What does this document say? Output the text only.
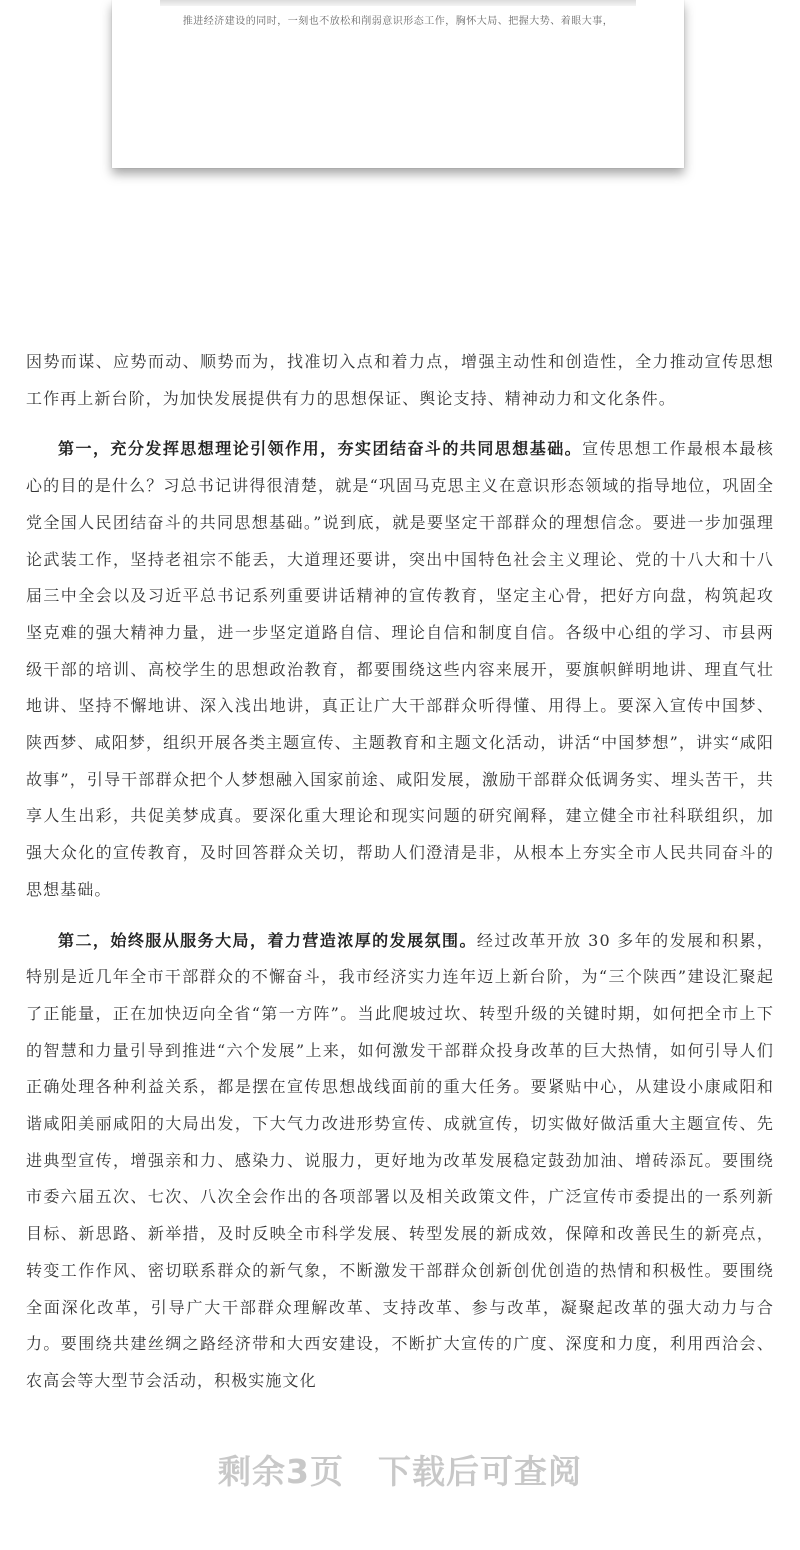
推进经济建设的同时，一刻也不放松和削弱意识形态工作，胸怀大局、把握大势、着眼大事，

因势而谋、应势而动、顺势而为，找准切入点和着力点，增强主动性和创造性，全力推动宣传思想工作再上新台阶，为加快发展提供有力的思想保证、舆论支持、精神动力和文化条件。

第一，充分发挥思想理论引领作用，夯实团结奋斗的共同思想基础。宣传思想工作最根本最核心的目的是什么？习总书记讲得很清楚，就是“巩固马克思主义在意识形态领域的指导地位，巩固全党全国人民团结奋斗的共同思想基础。”说到底，就是要坚定干部群众的理想信念。要进一步加强理论武装工作，坚持老祖宗不能丢，大道理还要讲，突出中国特色社会主义理论、党的十八大和十八届三中全会以及习近平总书记系列重要讲话精神的宣传教育，坚定主心骨，把好方向盘，构筑起攻坚克难的强大精神力量，进一步坚定道路自信、理论自信和制度自信。各级中心组的学习、市县两级干部的培训、高校学生的思想政治教育，都要围绕这些内容来展开，要旗帜鲜明地讲、理直气壮地讲、坚持不懈地讲、深入浅出地讲，真正让广大干部群众听得懂、用得上。要深入宣传中国梦、陕西梦、咸阳梦，组织开展各类主题宣传、主题教育和主题文化活动，讲活“中国梦想”，讲实“咸阳故事”，引导干部群众把个人梦想融入国家前途、咸阳发展，激励干部群众低调务实、埋头苦干，共享人生出彩，共促美梦成真。要深化重大理论和现实问题的研究阐释，建立健全市社科联组织，加强大众化的宣传教育，及时回答群众关切，帮助人们澄清是非，从根本上夯实全市人民共同奋斗的思想基础。

第二，始终服从服务大局，着力营造浓厚的发展氛围。经过改革开放 30 多年的发展和积累，特别是近几年全市干部群众的不懈奋斗，我市经济实力连年迈上新台阶，为“三个陕西”建设汇聚起了正能量，正在加快迈向全省“第一方阵”。当此爬坡过坎、转型升级的关键时期，如何把全市上下的智慧和力量引导到推进“六个发展”上来，如何激发干部群众投身改革的巨大热情，如何引导人们正确处理各种利益关系，都是摆在宣传思想战线面前的重大任务。要紧贴中心，从建设小康咸阳和谐咸阳美丽咸阳的大局出发，下大气力改进形势宣传、成就宣传，切实做好做活重大主题宣传、先进典型宣传，增强亲和力、感染力、说服力，更好地为改革发展稳定鼓劲加油、增砖添瓦。要围绕市委六届五次、七次、八次全会作出的各项部署以及相关政策文件，广泛宣传市委提出的一系列新目标、新思路、新举措，及时反映全市科学发展、转型发展的新成效，保障和改善民生的新亮点，转变工作作风、密切联系群众的新气象，不断激发干部群众创新创优创造的热情和积极性。要围绕全面深化改革，引导广大干部群众理解改革、支持改革、参与改革，凝聚起改革的强大动力与合力。要围绕共建丝绸之路经济带和大西安建设，不断扩大宣传的广度、深度和力度，利用西洽会、农高会等大型节会活动，积极实施文化

剩余3页 下载后可查阅
